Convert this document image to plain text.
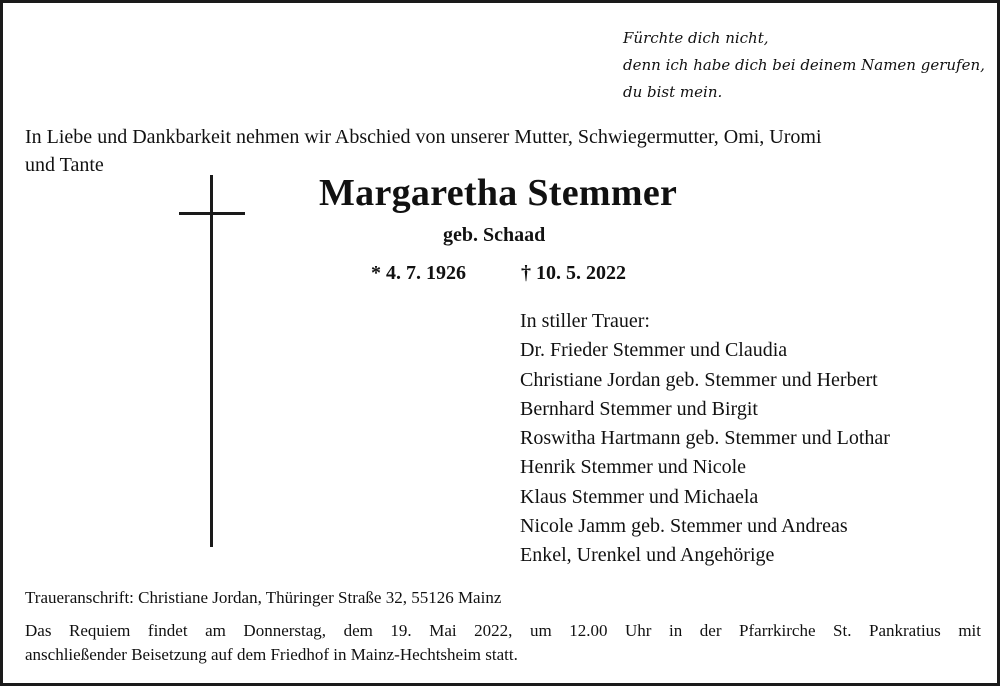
Fürchte dich nicht,
denn ich habe dich bei deinem Namen gerufen,
du bist mein.
In Liebe und Dankbarkeit nehmen wir Abschied von unserer Mutter, Schwiegermutter, Omi, Uromi
und Tante
Margaretha Stemmer
geb. Schaad
* 4. 7. 1926	† 10. 5. 2022
In stiller Trauer:
Dr. Frieder Stemmer und Claudia
Christiane Jordan geb. Stemmer und Herbert
Bernhard Stemmer und Birgit
Roswitha Hartmann geb. Stemmer und Lothar
Henrik Stemmer und Nicole
Klaus Stemmer und Michaela
Nicole Jamm geb. Stemmer und Andreas
Enkel, Urenkel und Angehörige
Traueranschrift: Christiane Jordan, Thüringer Straße 32, 55126 Mainz
Das Requiem findet am Donnerstag, dem 19. Mai 2022, um 12.00 Uhr in der Pfarrkirche St. Pankratius mit
anschließender Beisetzung auf dem Friedhof in Mainz-Hechtsheim statt.
